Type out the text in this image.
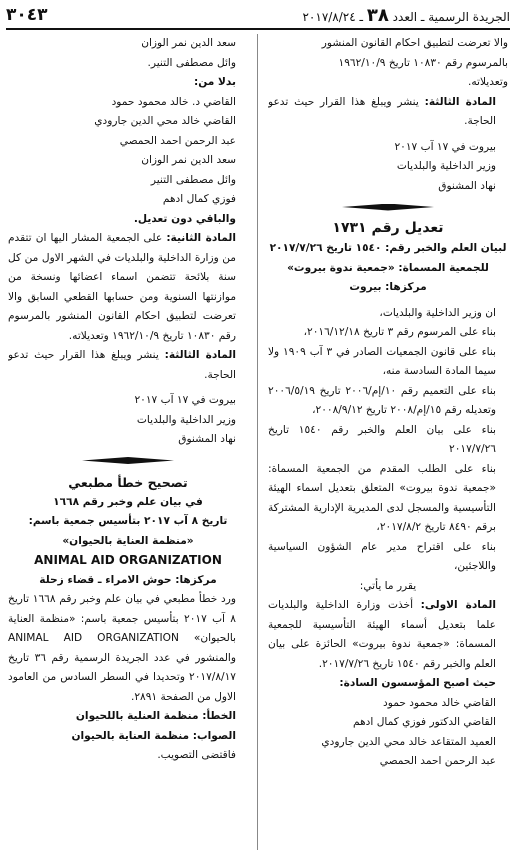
الجريدة الرسمية ـ العدد ٣٨ ـ ٢٠١٧/٨/٢٤
٣٠٤٣

والا تعرضت لتطبيق احكام القانون المنشور

بالمرسوم رقم ١٠٨٣٠ تاريخ ١٩٦٢/١٠/٩

وتعديلاته.

المادة الثالثة: ينشر ويبلغ هذا القرار حيث تدعو الحاجة.

بيروت في ١٧ آب ٢٠١٧

وزير الداخلية والبلديات

نهاد المشنوق

تعديل رقم ١٧٣١

لبيان العلم والخبر رقم: ١٥٤٠ تاريخ ٢٠١٧/٧/٢٦

للجمعية المسماة: «جمعية ندوة بيروت»

مركزها: بيروت

ان وزير الداخلية والبلديات،

بناء على المرسوم رقم ٣ تاريخ ٢٠١٦/١٢/١٨،

بناء على قانون الجمعيات الصادر في ٣ آب ١٩٠٩ ولا سيما المادة السادسة منه،

بناء على التعميم رقم ١٠/إم/٢٠٠٦ تاريخ ٢٠٠٦/٥/١٩ وتعديله رقم ١٥/إم/٢٠٠٨ تاريخ ٢٠٠٨/٩/١٢،

بناء على بيان العلم والخبر رقم ١٥٤٠ تاريخ ٢٠١٧/٧/٢٦

بناء على الطلب المقدم من الجمعية المسماة: «جمعية ندوة بيروت» المتعلق بتعديل اسماء الهيئة التأسيسية والمسجل لدى المديرية الإدارية المشتركة برقم ٨٤٩٠ تاريخ ٢٠١٧/٨/٢،

بناء على اقتراح مدير عام الشؤون السياسية واللاجئين،

يقرر ما يأتي:

المادة الاولى: أخذت وزارة الداخلية والبلديات علما بتعديل أسماء الهيئة التأسيسية للجمعية المسماة: «جمعية ندوة بيروت» الحائزة على بيان العلم والخبر رقم ١٥٤٠ تاريخ ٢٠١٧/٧/٢٦.

حيث اصبح المؤسسون السادة:

القاضي خالد محمود حمود

القاضي الدكتور فوزي كمال ادهم

العميد المتقاعد خالد محي الدين جارودي

عبد الرحمن احمد الحمصي

سعد الدين نمر الوزان

وائل مصطفى التنير.

بدلا من:

القاضي د. خالد محمود حمود

القاضي خالد محي الدين جارودي

عبد الرحمن احمد الحمصي

سعد الدين نمر الوزان

وائل مصطفى التنير

فوزي كمال ادهم

والباقي دون تعديل.

المادة الثانية: على الجمعية المشار اليها ان تتقدم من وزارة الداخلية والبلديات في الشهر الاول من كل سنة بلائحة تتضمن اسماء اعضائها ونسخة من موازنتها السنوية ومن حسابها القطعي السابق والا تعرضت لتطبيق احكام القانون المنشور بالمرسوم رقم ١٠٨٣٠ تاريخ ١٩٦٢/١٠/٩ وتعديلاته.

المادة الثالثة: ينشر ويبلغ هذا القرار حيث تدعو الحاجة.

بيروت في ١٧ آب ٢٠١٧

وزير الداخلية والبلديات

نهاد المشنوق

تصحيح خطأ مطبعي

في بيان علم وخبر رقم ١٦٦٨

تاريخ ٨ آب ٢٠١٧ بتأسيس جمعية باسم:

«منظمة العناية بالحيوان»

ANIMAL AID ORGANIZATION

مركزها: حوش الامراء ـ قضاء زحلة

ورد خطأ مطبعي في بيان علم وخبر رقم ١٦٦٨ تاريخ ٨ آب ٢٠١٧ بتأسيس جمعية باسم: «منظمة العناية بالحيوان» ANIMAL AID ORGANIZATION والمنشور في عدد الجريدة الرسمية رقم ٣٦ تاريخ ٢٠١٧/٨/١٧ وتحديدا في السطر السادس من العامود الاول من الصفحة ٢٨٩١.

الخطأ: منظمة العنلية باللحيوان

الصواب: منظمة العناية بالحيوان

فاقتضى التصويب.
